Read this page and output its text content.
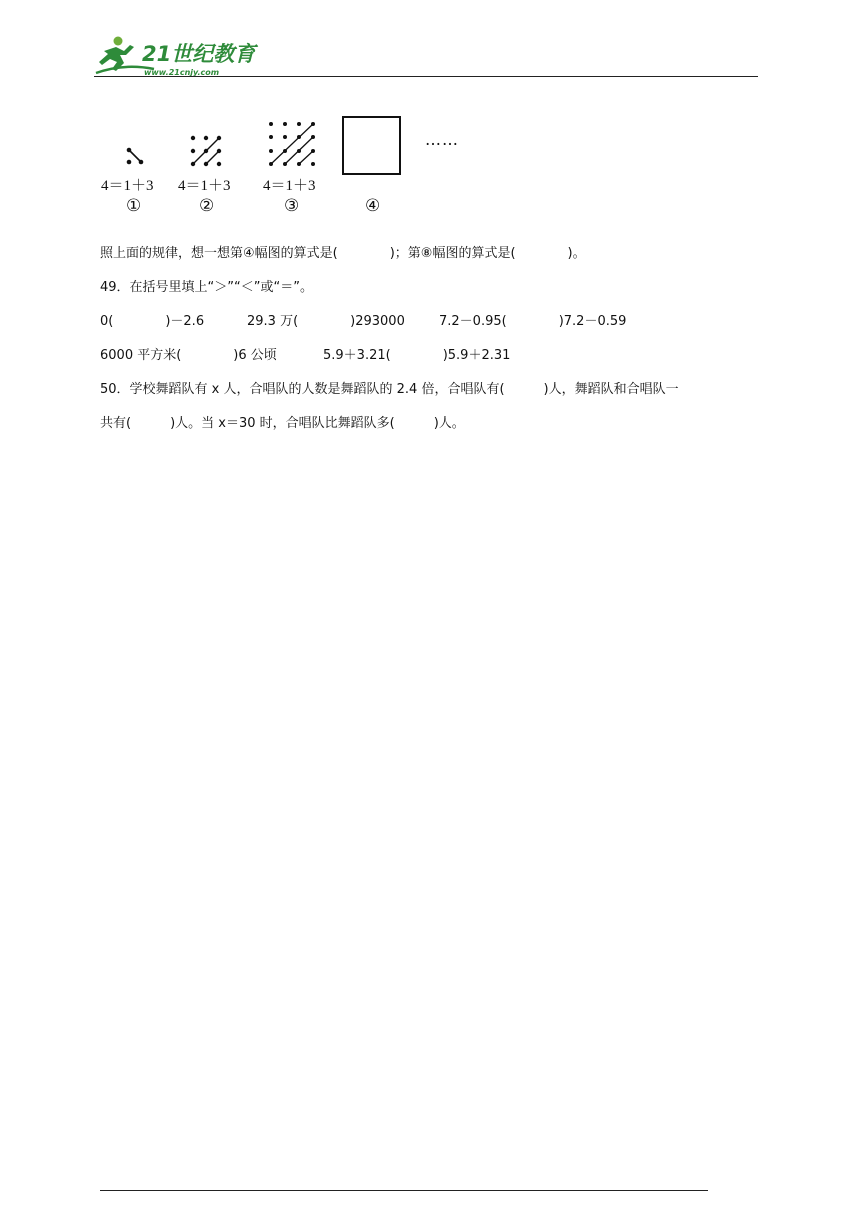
21世纪教育
www.21cnjy.com
4＝1＋3
①
4＝1＋3
②
4＝1＋3
③	④
……
照上面的规律，想一想第④幅图的算式是(　　　　)；第⑧幅图的算式是(　　　　)。
49．在括号里填上“＞”“＜”或“＝”。
0(　　　　)－2.6	29.3 万(　　　　)293000	7.2－0.95(　　　　)7.2－0.59
6000 平方米(　　　　)6 公顷	5.9＋3.21(　　　　)5.9＋2.31
50．学校舞蹈队有 x 人，合唱队的人数是舞蹈队的 2.4 倍，合唱队有(　　　)人，舞蹈队和合唱队一
共有(　　　)人。当 x＝30 时，合唱队比舞蹈队多(　　　)人。
